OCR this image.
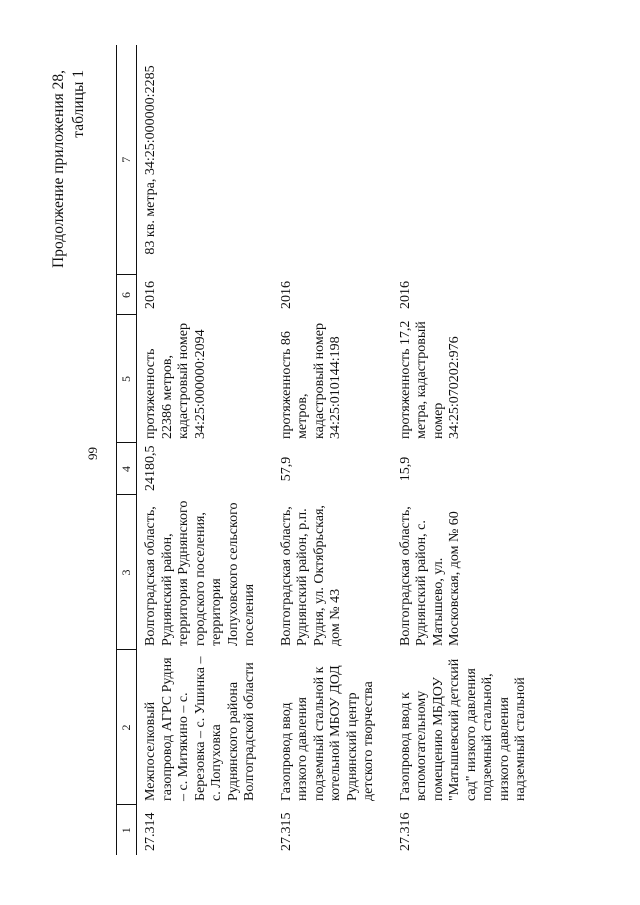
99
Продолжение приложения 28, таблицы 1
1	2	3	4	5	6	7
27.314	Межпоселковый газопровод АГРС Рудня – с. Митякино – с. Березовка – с. Ушинка – с. Лопуховка Руднянского района Волгоградской области	Волгоградская область, Руднянский район, территория Руднянского городского поселения, территория Лопуховского сельского поселения	24180,5	протяженность 22386 метров, кадастровый номер 34:25:000000:2094	2016	83 кв. метра, 34:25:000000:2285
27.315	Газопровод ввод низкого давления подземный стальной к котельной МБОУ ДОД Руднянский центр детского творчества	Волгоградская область, Руднянский район, р.п. Рудня, ул. Октябрьская, дом № 43	57,9	протяженность 86 метров, кадастровый номер 34:25:010144:198	2016	
27.316	Газопровод ввод к вспомогательному помещению МБДОУ "Матышевский детский сад" низкого давления подземный стальной, низкого давления надземный стальной	Волгоградская область, Руднянский район, с. Матышево, ул. Московская, дом № 60	15,9	протяженность 17,2 метра, кадастровый номер 34:25:070202:976	2016	
